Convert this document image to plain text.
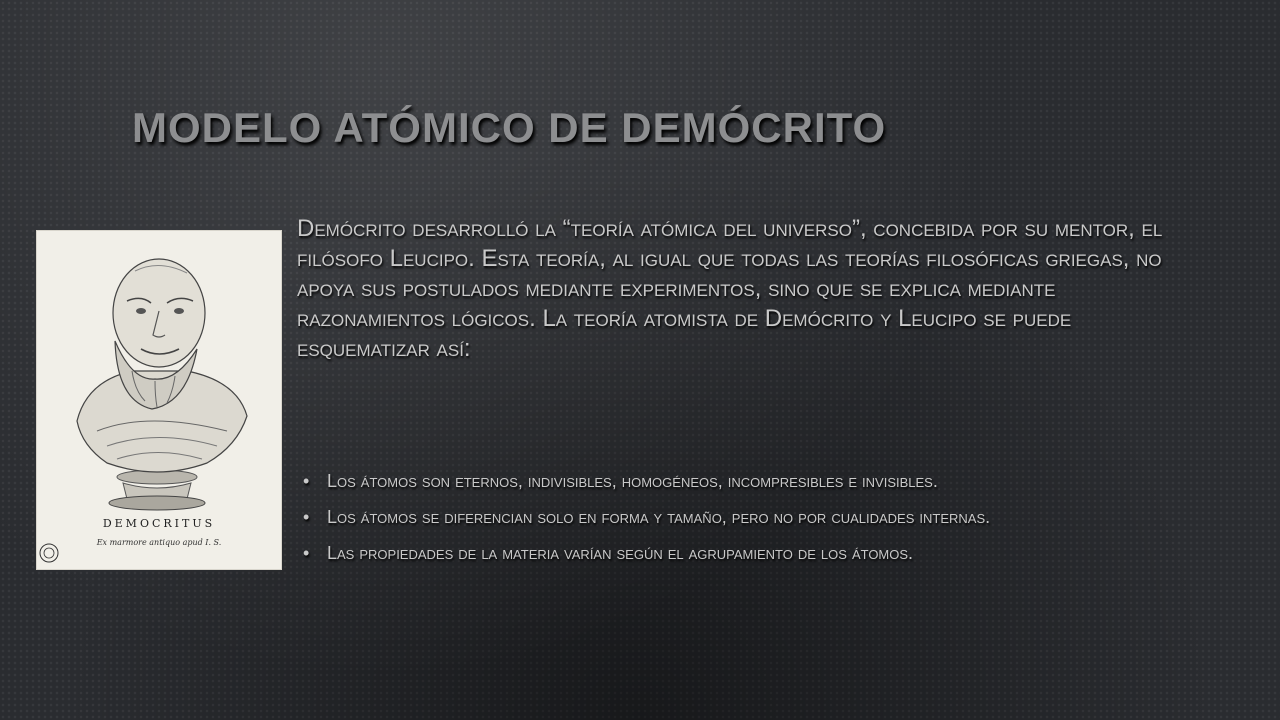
MODELO ATÓMICO DE DEMÓCRITO
DEMOCRITUS
Ex marmore antiquo apud I. S.

Demócrito desarrolló la “teoría atómica del universo”, concebida por su mentor, el filósofo Leucipo. Esta teoría, al igual que todas las teorías filosóficas griegas, no apoya sus postulados mediante experimentos, sino que se explica mediante razonamientos lógicos. La teoría atomista de Demócrito y Leucipo se puede esquematizar así:

• Los átomos son eternos, indivisibles, homogéneos, incompresibles e invisibles.
• Los átomos se diferencian solo en forma y tamaño, pero no por cualidades internas.
• Las propiedades de la materia varían según el agrupamiento de los átomos.
